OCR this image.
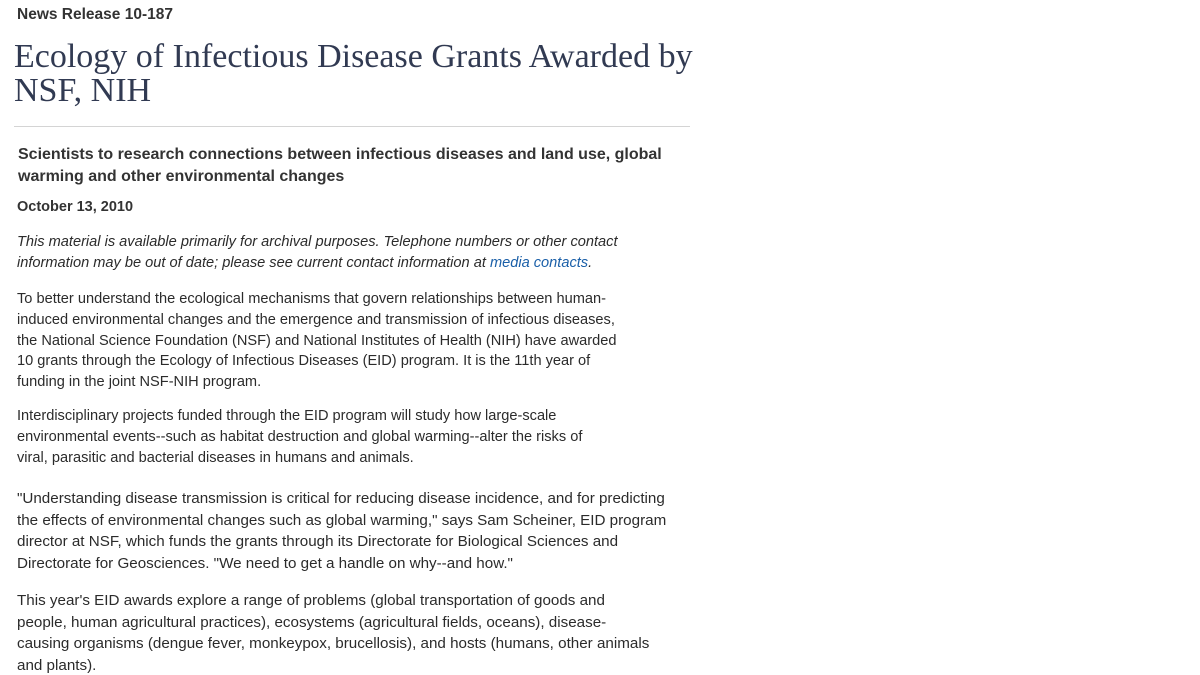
News Release 10-187
Ecology of Infectious Disease Grants Awarded by NSF, NIH
Scientists to research connections between infectious diseases and land use, global warming and other environmental changes
October 13, 2010
This material is available primarily for archival purposes. Telephone numbers or other contact information may be out of date; please see current contact information at media contacts.
To better understand the ecological mechanisms that govern relationships between human-induced environmental changes and the emergence and transmission of infectious diseases, the National Science Foundation (NSF) and National Institutes of Health (NIH) have awarded 10 grants through the Ecology of Infectious Diseases (EID) program. It is the 11th year of funding in the joint NSF-NIH program.
Interdisciplinary projects funded through the EID program will study how large-scale environmental events--such as habitat destruction and global warming--alter the risks of viral, parasitic and bacterial diseases in humans and animals.
"Understanding disease transmission is critical for reducing disease incidence, and for predicting the effects of environmental changes such as global warming," says Sam Scheiner, EID program director at NSF, which funds the grants through its Directorate for Biological Sciences and Directorate for Geosciences. "We need to get a handle on why--and how."
This year's EID awards explore a range of problems (global transportation of goods and people, human agricultural practices), ecosystems (agricultural fields, oceans), disease-causing organisms (dengue fever, monkeypox, brucellosis), and hosts (humans, other animals and plants).
